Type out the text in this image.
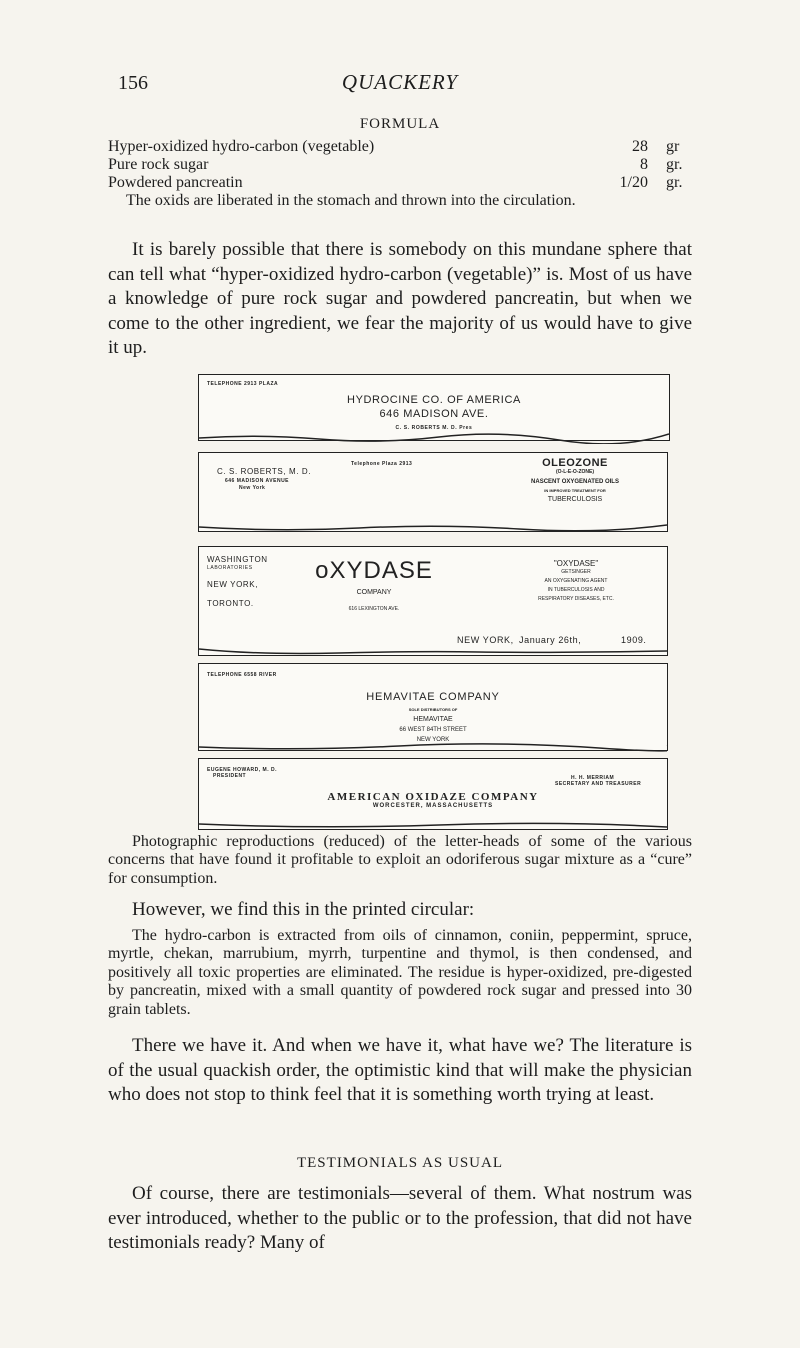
156	QUACKERY
FORMULA
Hyper-oxidized hydro-carbon (vegetable)	28 gr
Pure rock sugar	8 gr.
Powdered pancreatin	1/20 gr.
The oxids are liberated in the stomach and thrown into the circulation.
It is barely possible that there is somebody on this mundane sphere that can tell what “hyper-oxidized hydro-carbon (vegetable)” is. Most of us have a knowledge of pure rock sugar and powdered pancreatin, but when we come to the other ingredient, we fear the majority of us would have to give it up.
TELEPHONE 2913 PLAZA
HYDROCINE CO. OF AMERICA
646 MADISON AVE.
C. S. ROBERTS M. D. Pres
C. S. ROBERTS, M. D.
646 MADISON AVENUE
New York
Telephone Plaza 2913	OLEOZONE
(O-L-E-O-ZONE)
NASCENT OXYGENATED OILS
IN IMPROVED TREATMENT FOR
TUBERCULOSIS
WASHINGTON
LABORATORIES
NEW YORK,
TORONTO.
oXYDASE
COMPANY
616 LEXINGTON AVE.
"OXYDASE"
GETSINGER
AN OXYGENATING AGENT
IN TUBERCULOSIS AND
RESPIRATORY DISEASES, ETC.
NEW YORK, January 26th,	1909.
TELEPHONE 6558 RIVER
HEMAVITAE COMPANY
SOLE DISTRIBUTORS OF
HEMAVITAE
66 WEST 84TH STREET
NEW YORK
EUGENE HOWARD, M. D.
PRESIDENT	H. H. MERRIAM
SECRETARY AND TREASURER
AMERICAN OXIDAZE COMPANY
WORCESTER, MASSACHUSETTS
Photographic reproductions (reduced) of the letter-heads of some of the various concerns that have found it profitable to exploit an odoriferous sugar mixture as a “cure” for consumption.
However, we find this in the printed circular:
The hydro-carbon is extracted from oils of cinnamon, coniin, peppermint, spruce, myrtle, chekan, marrubium, myrrh, turpentine and thymol, is then condensed, and positively all toxic properties are eliminated. The residue is hyper-oxidized, pre-digested by pancreatin, mixed with a small quantity of powdered rock sugar and pressed into 30 grain tablets.
There we have it. And when we have it, what have we? The literature is of the usual quackish order, the optimistic kind that will make the physician who does not stop to think feel that it is something worth trying at least.
TESTIMONIALS AS USUAL
Of course, there are testimonials—several of them. What nostrum was ever introduced, whether to the public or to the profession, that did not have testimonials ready? Many of
